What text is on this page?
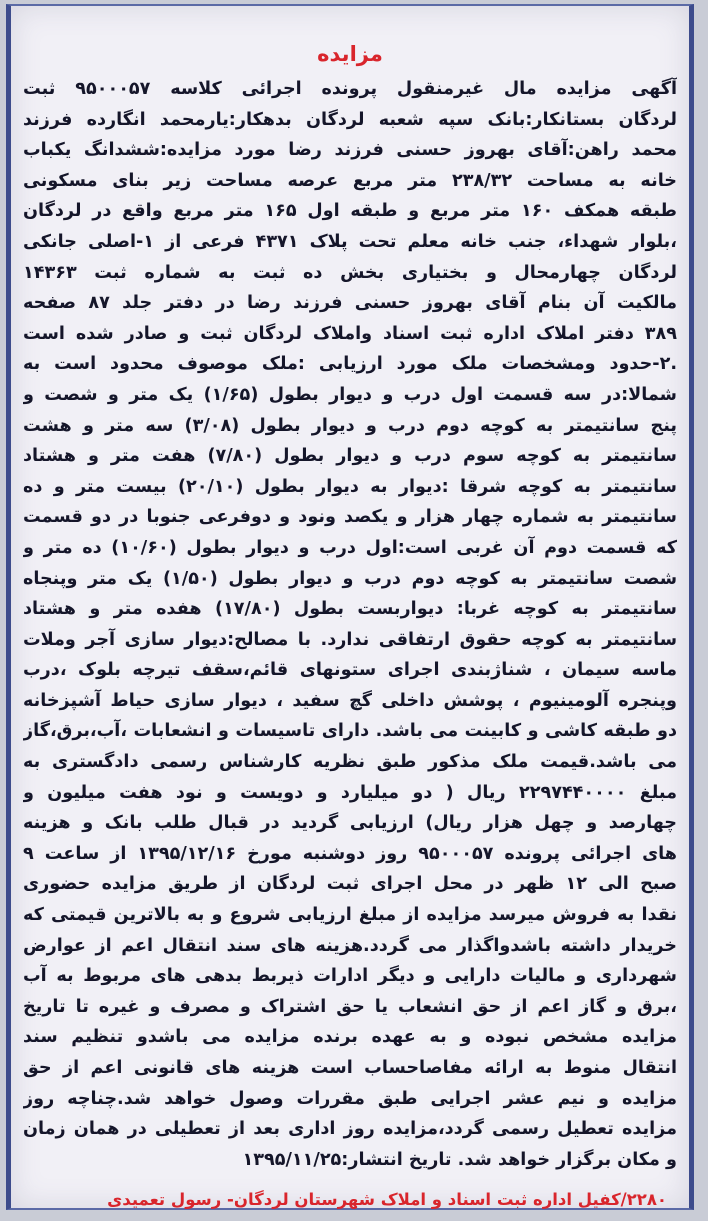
مزایده
آگهی مزایده مال غیرمنقول پرونده اجرائی کلاسه ۹۵۰۰۰۵۷ ثبت
لردگان بستانکار:بانک سپه شعبه لردگان بدهکار:یارمحمد انگارده فرزند
محمد راهن:آقای بهروز حسنی فرزند رضا مورد مزایده:ششدانگ یکباب
خانه به مساحت ۲۳۸/۳۲ متر مربع عرصه مساحت زیر بنای مسکونی
طبقه همکف ۱۶۰ متر مربع و طبقه اول ۱۶۵ متر مربع واقع در لردگان
،بلوار شهداء، جنب خانه معلم تحت پلاک ۴۳۷۱ فرعی از ۱-اصلی جانکی
لردگان چهارمحال و بختیاری بخش ده ثبت به شماره ثبت ۱۴۳۶۳
مالکیت آن بنام آقای بهروز حسنی فرزند رضا در دفتر جلد ۸۷ صفحه
۳۸۹ دفتر املاک اداره ثبت اسناد واملاک لردگان ثبت و صادر شده است
.۲-حدود ومشخصات ملک مورد ارزیابی :ملک موصوف محدود است به
شمالا:در سه قسمت اول درب و دیوار بطول (۱/۶۵) یک متر و شصت و
پنج سانتیمتر به کوچه دوم درب و دیوار بطول (۳/۰۸) سه متر و هشت
سانتیمتر به کوچه سوم درب و دیوار بطول (۷/۸۰) هفت متر و هشتاد
سانتیمتر به کوچه شرقا :دیوار به دیوار بطول (۲۰/۱۰) بیست متر و ده
سانتیمتر به شماره چهار هزار و یکصد ونود و دوفرعی جنوبا در دو قسمت
که قسمت دوم آن غربی است:اول درب و دیوار بطول (۱۰/۶۰) ده متر و
شصت سانتیمتر به کوچه دوم درب و دیوار بطول (۱/۵۰) یک متر وپنجاه
سانتیمتر به کوچه غربا: دیواربست بطول (۱۷/۸۰) هفده متر و هشتاد
سانتیمتر به کوچه حقوق ارتفاقی ندارد. با مصالح:دیوار سازی آجر وملات
ماسه سیمان ، شناژبندی اجرای ستونهای قائم،سقف تیرچه بلوک ،درب
وپنجره آلومینیوم ، پوشش داخلی گچ سفید ، دیوار سازی حیاط آشپزخانه
دو طبقه کاشی و کابینت می باشد. دارای تاسیسات و انشعابات ،آب،برق،گاز
می باشد.قیمت ملک مذکور طبق نظریه کارشناس رسمی دادگستری به
مبلغ ۲۲۹۷۴۴۰۰۰۰ ریال ( دو میلیارد و دویست و نود هفت میلیون و
چهارصد و چهل هزار ریال) ارزیابی گردید در قبال طلب بانک و هزینه
های اجرائی پرونده ۹۵۰۰۰۵۷ روز دوشنبه مورخ ۱۳۹۵/۱۲/۱۶ از ساعت ۹
صبح الی ۱۲ ظهر در محل اجرای ثبت لردگان از طریق مزایده حضوری
نقدا به فروش میرسد مزایده از مبلغ ارزیابی شروع و به بالاترین قیمتی که
خریدار داشته باشدواگذار می گردد.هزینه های سند انتقال اعم از عوارض
شهرداری و مالیات دارایی و دیگر ادارات ذیربط بدهی های مربوط به آب
،برق و گاز اعم از حق انشعاب یا حق اشتراک و مصرف و غیره تا تاریخ
مزایده مشخص نبوده و به عهده برنده مزایده می باشدو تنظیم سند
انتقال منوط به ارائه مفاصاحساب است هزینه های قانونی اعم از حق
مزایده و نیم عشر اجرایی طبق مقررات وصول خواهد شد.چناچه روز
مزایده تعطیل رسمی گردد،مزایده روز اداری بعد از تعطیلی در همان زمان
و مکان برگزار خواهد شد. تاریخ انتشار:۱۳۹۵/۱۱/۲۵
۲۲۸۰/کفیل اداره ثبت اسناد و املاک شهرستان لردگان- رسول تعمیدی
